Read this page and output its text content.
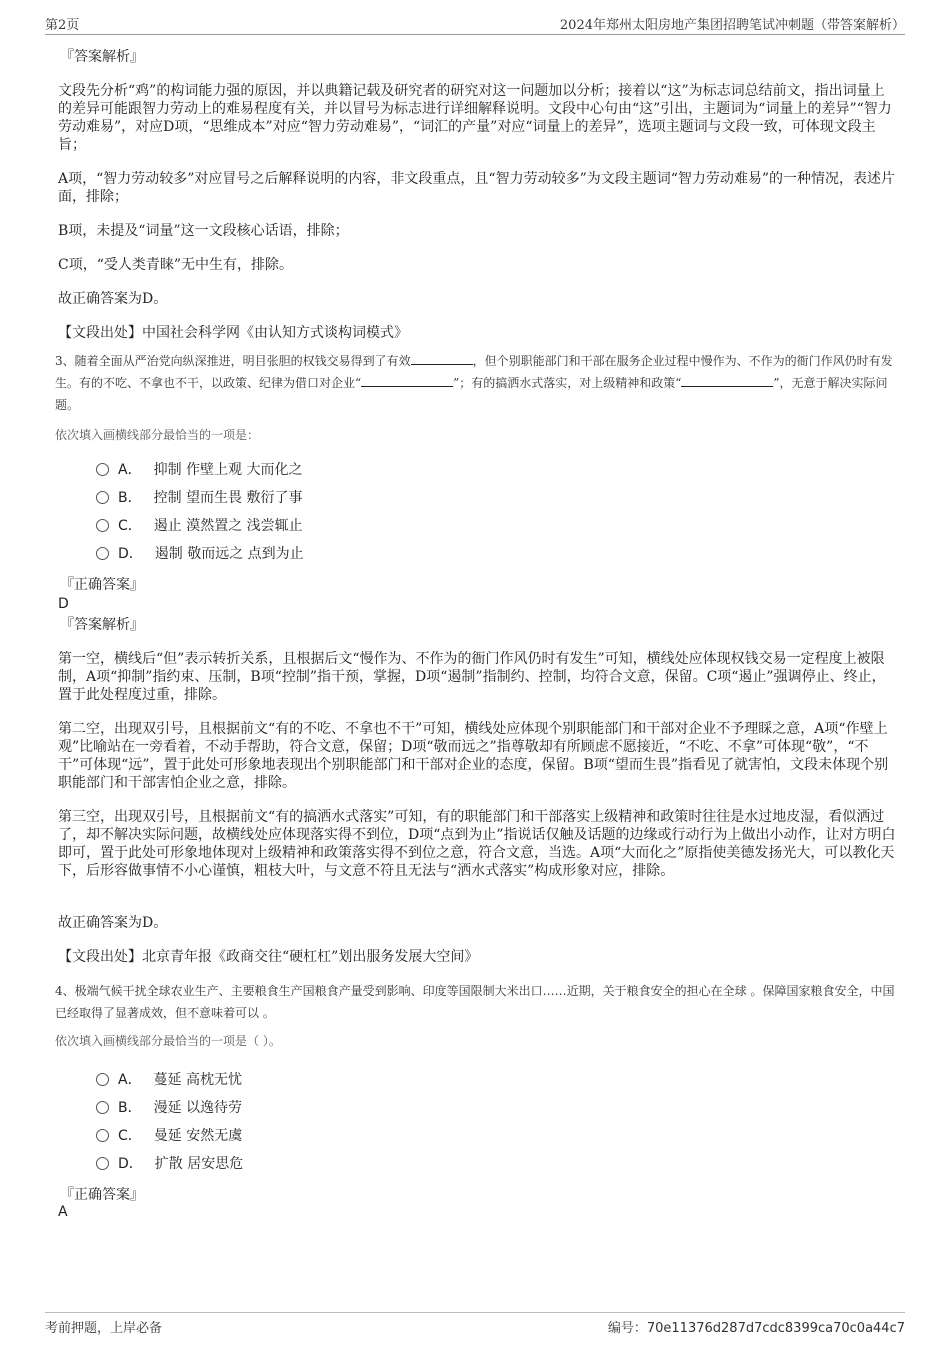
第2页	2024年郑州太阳房地产集团招聘笔试冲刺题（带答案解析）
『答案解析』

文段先分析“鸡”的构词能力强的原因，并以典籍记载及研究者的研究对这一问题加以分析；接着以“这”为标志词总结前文，指出词量上的差异可能跟智力劳动上的难易程度有关，并以冒号为标志进行详细解释说明。文段中心句由“这”引出，主题词为“词量上的差异”“智力劳动难易”，对应D项，“思维成本”对应“智力劳动难易”，“词汇的产量”对应“词量上的差异”，选项主题词与文段一致，可体现文段主旨；

A项，“智力劳动较多”对应冒号之后解释说明的内容，非文段重点，且“智力劳动较多”为文段主题词“智力劳动难易”的一种情况，表述片面，排除；

B项，未提及“词量”这一文段核心话语，排除；

C项，“受人类青睐”无中生有，排除。

故正确答案为D。

【文段出处】中国社会科学网《由认知方式谈构词模式》

3、随着全面从严治党向纵深推进，明目张胆的权钱交易得到了有效	，但个别职能部门和干部在服务企业过程中慢作为、不作为的衙门作风仍时有发生。有的不吃、不拿也不干，以政策、纪律为借口对企业“	”；有的搞洒水式落实，对上级精神和政策“	”，无意于解决实际问题。

依次填入画横线部分最恰当的一项是：

A． 抑制 作壁上观 大而化之
B． 控制 望而生畏 敷衍了事
C． 遏止 漠然置之 浅尝辄止
D． 遏制 敬而远之 点到为止
『正确答案』
D
『答案解析』

第一空，横线后“但”表示转折关系，且根据后文“慢作为、不作为的衙门作风仍时有发生”可知，横线处应体现权钱交易一定程度上被限制，A项“抑制”指约束、压制，B项“控制”指干预，掌握，D项“遏制”指制约、控制，均符合文意，保留。C项“遏止”强调停止、终止，置于此处程度过重，排除。

第二空，出现双引号，且根据前文“有的不吃、不拿也不干”可知，横线处应体现个别职能部门和干部对企业不予理睬之意，A项“作壁上观”比喻站在一旁看着，不动手帮助，符合文意，保留；D项“敬而远之”指尊敬却有所顾虑不愿接近，“不吃、不拿”可体现“敬”，“不干”可体现“远”，置于此处可形象地表现出个别职能部门和干部对企业的态度，保留。B项“望而生畏”指看见了就害怕，文段未体现个别职能部门和干部害怕企业之意，排除。

第三空，出现双引号，且根据前文“有的搞洒水式落实”可知，有的职能部门和干部落实上级精神和政策时往往是水过地皮湿，看似洒过了，却不解决实际问题，故横线处应体现落实得不到位，D项“点到为止”指说话仅触及话题的边缘或行动行为上做出小动作，让对方明白即可，置于此处可形象地体现对上级精神和政策落实得不到位之意，符合文意，当选。A项“大而化之”原指使美德发扬光大，可以教化天下，后形容做事情不小心谨慎，粗枝大叶，与文意不符且无法与“洒水式落实”构成形象对应，排除。

故正确答案为D。

【文段出处】北京青年报《政商交往“硬杠杠”划出服务发展大空间》

4、极端气候干扰全球农业生产、主要粮食生产国粮食产量受到影响、印度等国限制大米出口……近期，关于粮食安全的担心在全球 。保障国家粮食安全，中国已经取得了显著成效，但不意味着可以 。

依次填入画横线部分最恰当的一项是（ ）。

A． 蔓延 高枕无忧
B． 漫延 以逸待劳
C． 曼延 安然无虞
D． 扩散 居安思危
『正确答案』
A
考前押题，上岸必备	编号：70e11376d287d7cdc8399ca70c0a44c7
